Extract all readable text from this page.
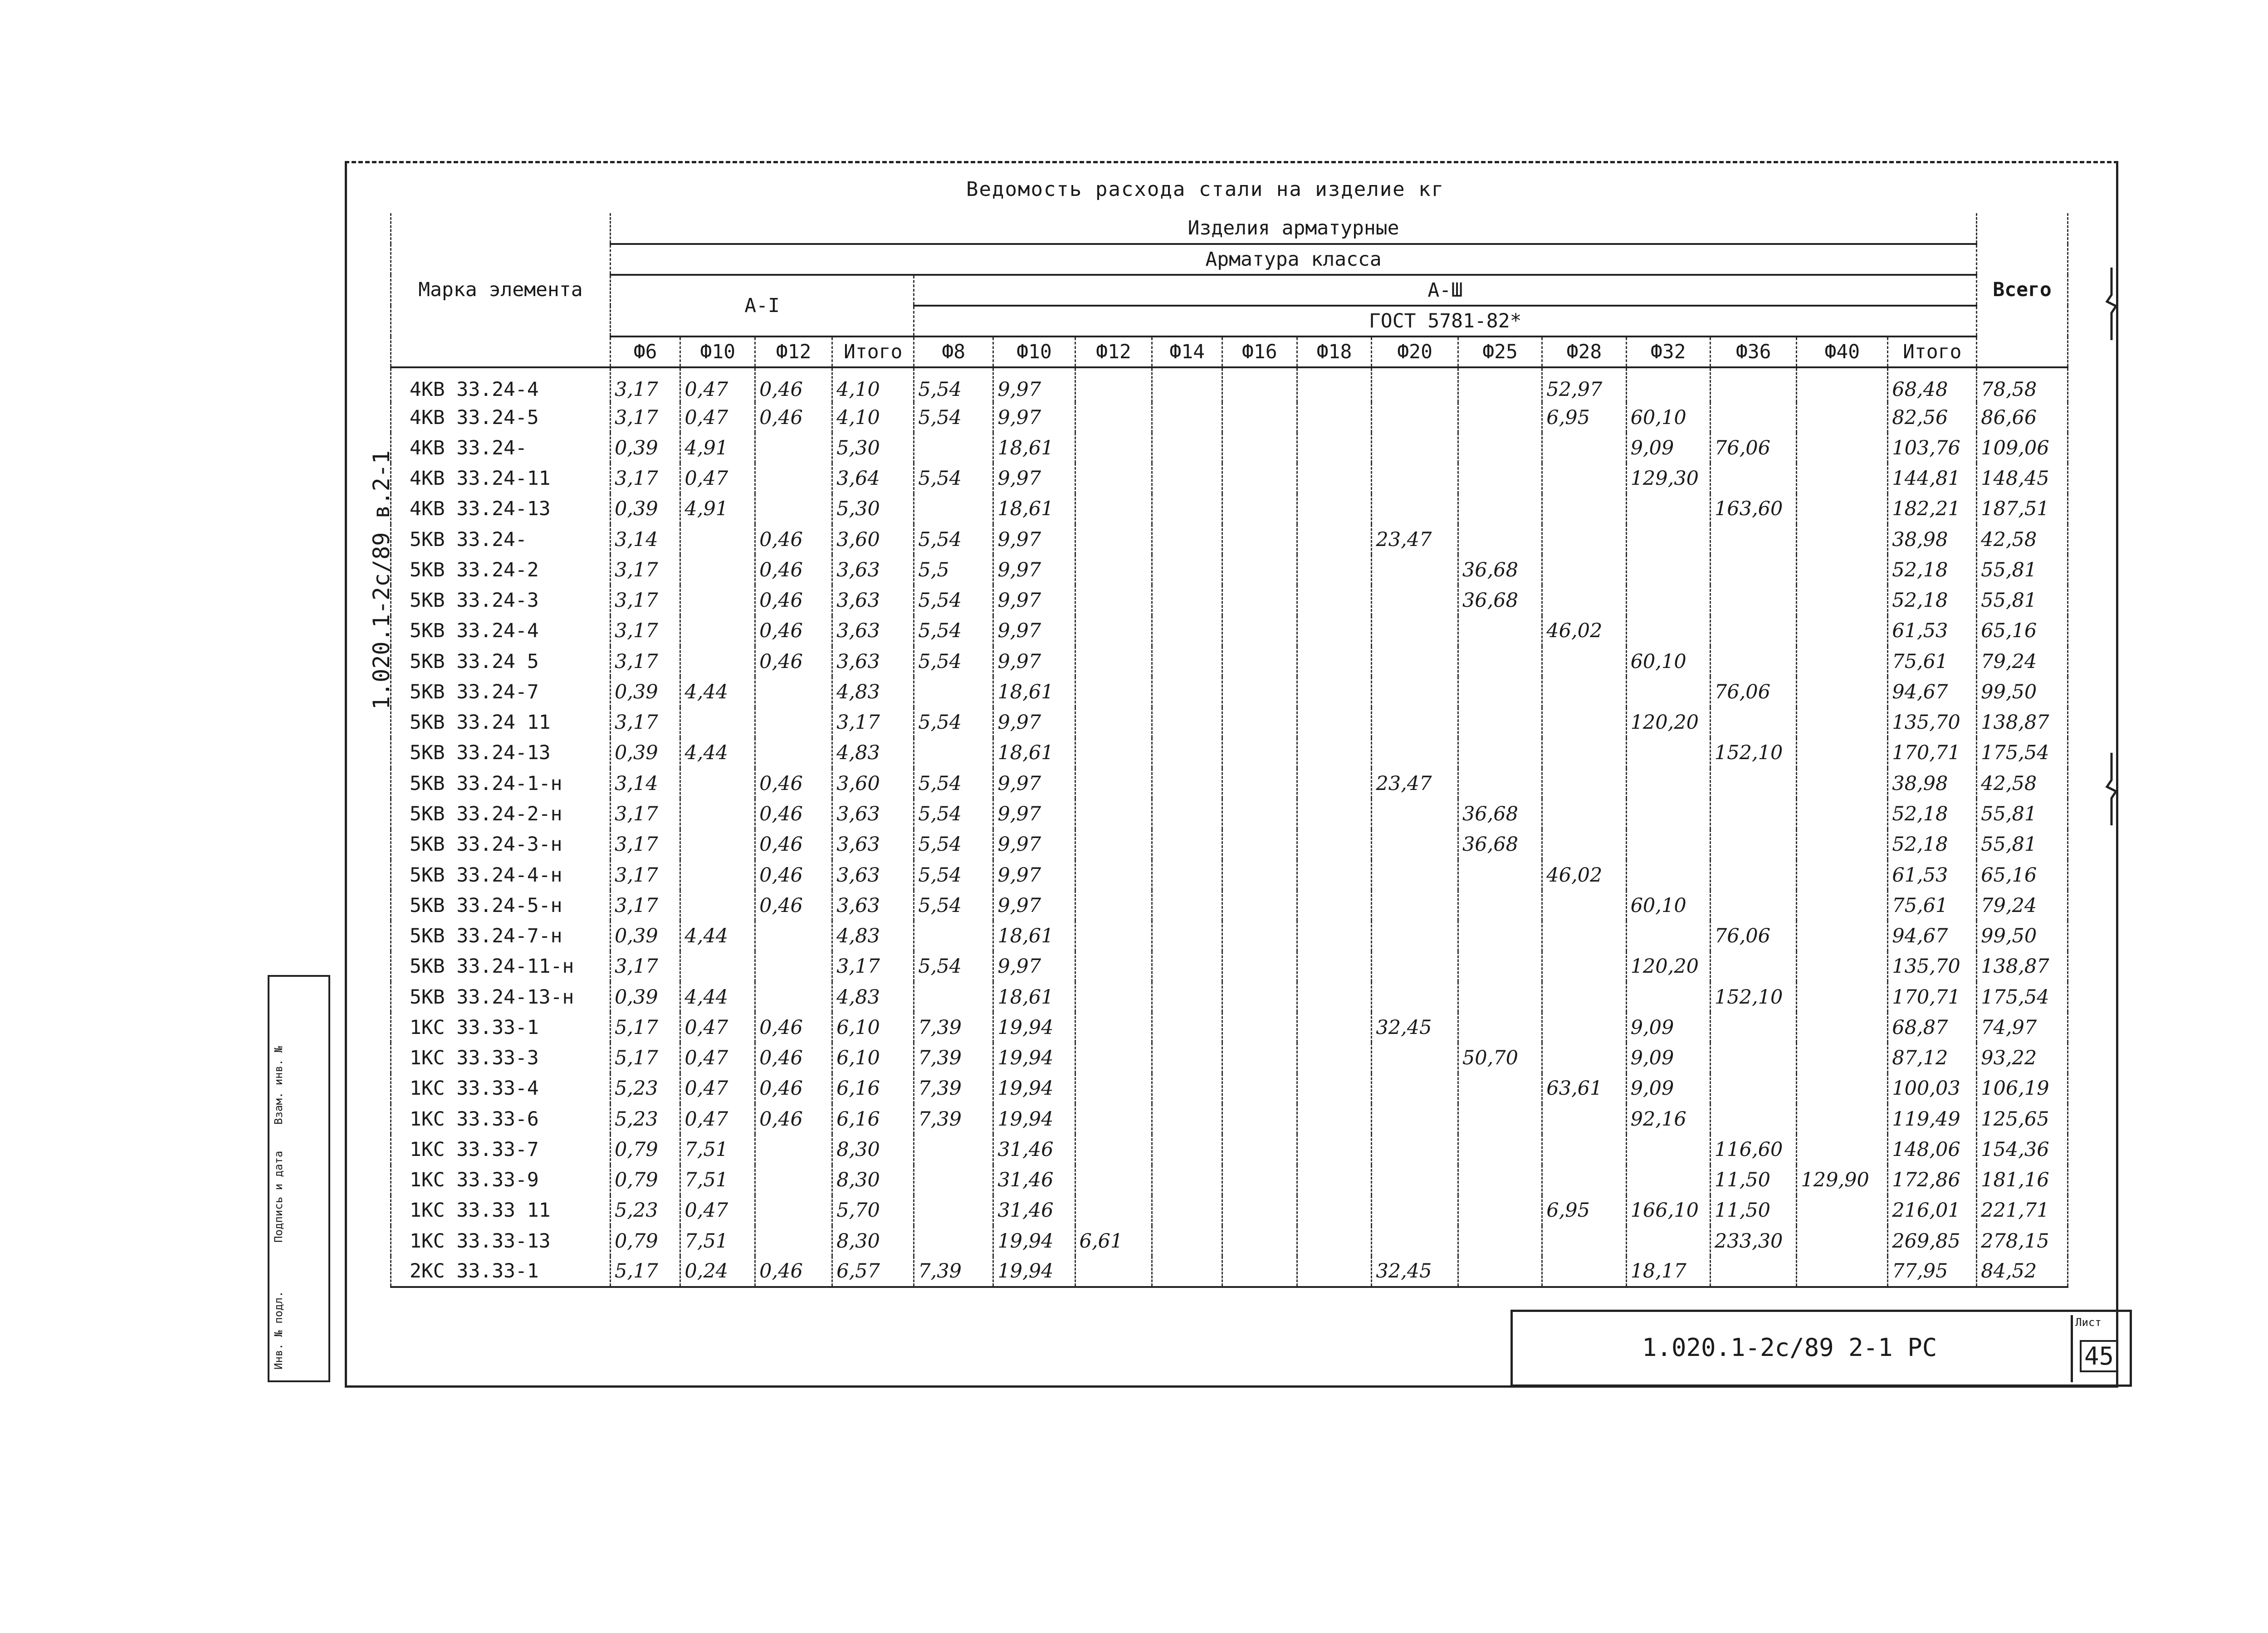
1.020.1-2с/89 в.2-1
Инв. № подл.
Подпись и дата
Взам. инв. №
Ведомость расхода стали на изделие кг
Марка элемента	Изделия арматурные																	Всего
	Арматура класса																	
	А-I				А-Ш													
					ГОСТ 5781-82*													
	Ф6	Ф10	Ф12	Итого	Ф8	Ф10	Ф12	Ф14	Ф16	Ф18	Ф20	Ф25	Ф28	Ф32	Ф36	Ф40	Итого	
4КВ 33.24-4	3,17	0,47	0,46	4,10	5,54	9,97							52,97				68,48	78,58
4КВ 33.24-5	3,17	0,47	0,46	4,10	5,54	9,97							6,95	60,10			82,56	86,66
4КВ 33.24-	0,39	4,91		5,30		18,61								9,09	76,06		103,76	109,06
4КВ 33.24-11	3,17	0,47		3,64	5,54	9,97								129,30			144,81	148,45
4КВ 33.24-13	0,39	4,91		5,30		18,61									163,60		182,21	187,51
5КВ 33.24-	3,14		0,46	3,60	5,54	9,97					23,47						38,98	42,58
5КВ 33.24-2	3,17		0,46	3,63	5,5	9,97						36,68					52,18	55,81
5КВ 33.24-3	3,17		0,46	3,63	5,54	9,97						36,68					52,18	55,81
5КВ 33.24-4	3,17		0,46	3,63	5,54	9,97							46,02				61,53	65,16
5КВ 33.24 5	3,17		0,46	3,63	5,54	9,97								60,10			75,61	79,24
5КВ 33.24-7	0,39	4,44		4,83		18,61									76,06		94,67	99,50
5КВ 33.24 11	3,17			3,17	5,54	9,97								120,20			135,70	138,87
5КВ 33.24-13	0,39	4,44		4,83		18,61									152,10		170,71	175,54
5КВ 33.24-1-н	3,14		0,46	3,60	5,54	9,97					23,47						38,98	42,58
5КВ 33.24-2-н	3,17		0,46	3,63	5,54	9,97						36,68					52,18	55,81
5КВ 33.24-3-н	3,17		0,46	3,63	5,54	9,97						36,68					52,18	55,81
5КВ 33.24-4-н	3,17		0,46	3,63	5,54	9,97							46,02				61,53	65,16
5КВ 33.24-5-н	3,17		0,46	3,63	5,54	9,97								60,10			75,61	79,24
5КВ 33.24-7-н	0,39	4,44		4,83		18,61									76,06		94,67	99,50
5КВ 33.24-11-н	3,17			3,17	5,54	9,97								120,20			135,70	138,87
5КВ 33.24-13-н	0,39	4,44		4,83		18,61									152,10		170,71	175,54
1КС 33.33-1	5,17	0,47	0,46	6,10	7,39	19,94					32,45			9,09			68,87	74,97
1КС 33.33-3	5,17	0,47	0,46	6,10	7,39	19,94						50,70		9,09			87,12	93,22
1КС 33.33-4	5,23	0,47	0,46	6,16	7,39	19,94							63,61	9,09			100,03	106,19
1КС 33.33-6	5,23	0,47	0,46	6,16	7,39	19,94								92,16			119,49	125,65
1КС 33.33-7	0,79	7,51		8,30		31,46									116,60		148,06	154,36
1КС 33.33-9	0,79	7,51		8,30		31,46									11,50	129,90	172,86	181,16
1КС 33.33 11	5,23	0,47		5,70		31,46							6,95	166,10	11,50		216,01	221,71
1КС 33.33-13	0,79	7,51		8,30		19,94	6,61								233,30		269,85	278,15
2КС 33.33-1	5,17	0,24	0,46	6,57	7,39	19,94					32,45			18,17			77,95	84,52
1.020.1-2с/89 2-1 РС
Лист
45
